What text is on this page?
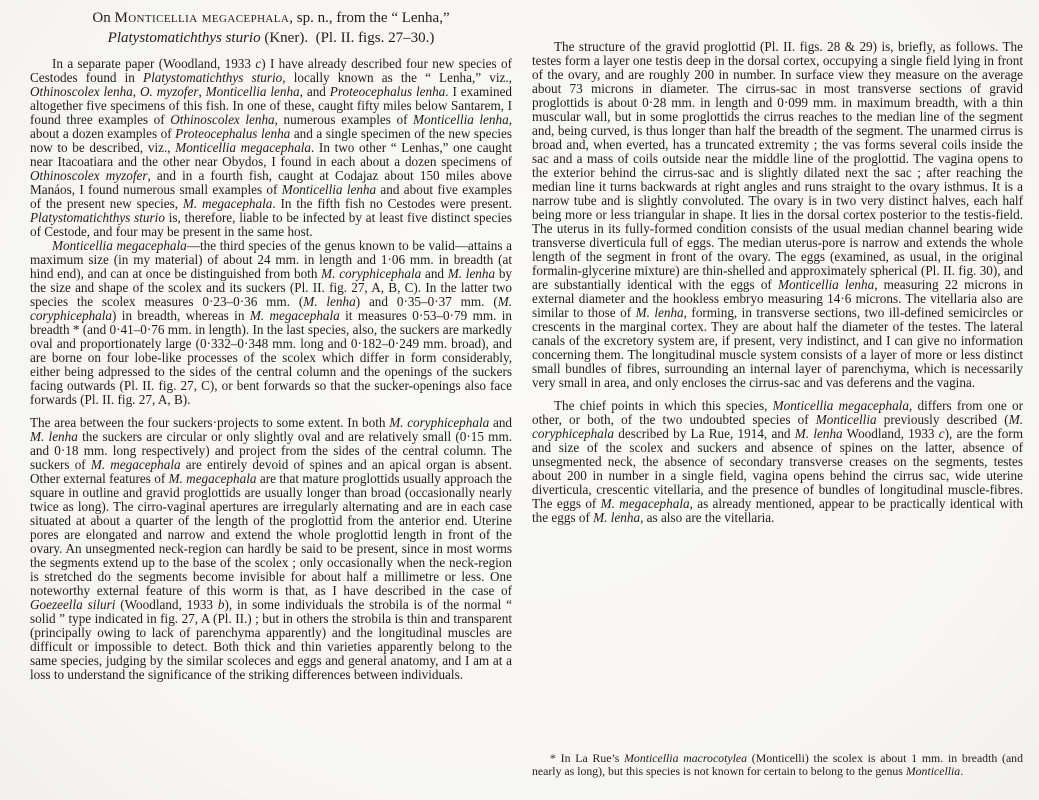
On Monticellia megacephala, sp. n., from the “ Lenha,” Platystomatichthys sturio (Kner). (Pl. II. figs. 27–30.)

In a separate paper (Woodland, 1933 c) I have already described four new species of Cestodes found in Platystomatichthys sturio, locally known as the “ Lenha,” viz., Othinoscolex lenha, O. myzofer, Monticellia lenha, and Proteocephalus lenha. I examined altogether five specimens of this fish. In one of these, caught fifty miles below Santarem, I found three examples of Othinoscolex lenha, numerous examples of Monticellia lenha, about a dozen examples of Proteocephalus lenha and a single specimen of the new species now to be described, viz., Monticellia megacephala. In two other “ Lenhas,” one caught near Itacoatiara and the other near Obydos, I found in each about a dozen specimens of Othinoscolex myzofer, and in a fourth fish, caught at Codajaz about 150 miles above Manáos, I found numerous small examples of Monticellia lenha and about five examples of the present new species, M. megacephala. In the fifth fish no Cestodes were present. Platystomatichthys sturio is, therefore, liable to be infected by at least five distinct species of Cestode, and four may be present in the same host.

Monticellia megacephala—the third species of the genus known to be valid—attains a maximum size (in my material) of about 24 mm. in length and 1·06 mm. in breadth (at hind end), and can at once be distinguished from both M. coryphicephala and M. lenha by the size and shape of the scolex and its suckers (Pl. II. fig. 27, A, B, C). In the latter two species the scolex measures 0·23–0·36 mm. (M. lenha) and 0·35–0·37 mm. (M. coryphicephala) in breadth, whereas in M. megacephala it measures 0·53–0·79 mm. in breadth * (and 0·41–0·76 mm. in length). In the last species, also, the suckers are markedly oval and proportionately large (0·332–0·348 mm. long and 0·182–0·249 mm. broad), and are borne on four lobe-like processes of the scolex which differ in form considerably, either being adpressed to the sides of the central column and the openings of the suckers facing outwards (Pl. II. fig. 27, C), or bent forwards so that the sucker-openings also face forwards (Pl. II. fig. 27, A, B).

The area between the four suckers·projects to some extent. In both M. coryphicephala and M. lenha the suckers are circular or only slightly oval and are relatively small (0·15 mm. and 0·18 mm. long respectively) and project from the sides of the central column. The suckers of M. megacephala are entirely devoid of spines and an apical organ is absent. Other external features of M. megacephala are that mature proglottids usually approach the square in outline and gravid proglottids are usually longer than broad (occasionally nearly twice as long). The cirro-vaginal apertures are irregularly alternating and are in each case situated at about a quarter of the length of the proglottid from the anterior end. Uterine pores are elongated and narrow and extend the whole proglottid length in front of the ovary. An unsegmented neck-region can hardly be said to be present, since in most worms the segments extend up to the base of the scolex ; only occasionally when the neck-region is stretched do the segments become invisible for about half a millimetre or less. One noteworthy external feature of this worm is that, as I have described in the case of Goezeella siluri (Woodland, 1933 b), in some individuals the strobila is of the normal “ solid ” type indicated in fig. 27, A (Pl. II.) ; but in others the strobila is thin and transparent (principally owing to lack of parenchyma apparently) and the longitudinal muscles are difficult or impossible to detect. Both thick and thin varieties apparently belong to the same species, judging by the similar scoleces and eggs and general anatomy, and I am at a loss to understand the significance of the striking differences between individuals.

The structure of the gravid proglottid (Pl. II. figs. 28 & 29) is, briefly, as follows. The testes form a layer one testis deep in the dorsal cortex, occupying a single field lying in front of the ovary, and are roughly 200 in number. In surface view they measure on the average about 73 microns in diameter. The cirrus-sac in most transverse sections of gravid proglottids is about 0·28 mm. in length and 0·099 mm. in maximum breadth, with a thin muscular wall, but in some proglottids the cirrus reaches to the median line of the segment and, being curved, is thus longer than half the breadth of the segment. The unarmed cirrus is broad and, when everted, has a truncated extremity ; the vas forms several coils inside the sac and a mass of coils outside near the middle line of the proglottid. The vagina opens to the exterior behind the cirrus-sac and is slightly dilated next the sac ; after reaching the median line it turns backwards at right angles and runs straight to the ovary isthmus. It is a narrow tube and is slightly convoluted. The ovary is in two very distinct halves, each half being more or less triangular in shape. It lies in the dorsal cortex posterior to the testis-field. The uterus in its fully-formed condition consists of the usual median channel bearing wide transverse diverticula full of eggs. The median uterus-pore is narrow and extends the whole length of the segment in front of the ovary. The eggs (examined, as usual, in the original formalin-glycerine mixture) are thin-shelled and approximately spherical (Pl. II. fig. 30), and are substantially identical with the eggs of Monticellia lenha, measuring 22 microns in external diameter and the hookless embryo measuring 14·6 microns. The vitellaria also are similar to those of M. lenha, forming, in transverse sections, two ill-defined semicircles or crescents in the marginal cortex. They are about half the diameter of the testes. The lateral canals of the excretory system are, if present, very indistinct, and I can give no information concerning them. The longitudinal muscle system consists of a layer of more or less distinct small bundles of fibres, surrounding an internal layer of parenchyma, which is necessarily very small in area, and only encloses the cirrus-sac and vas deferens and the vagina.

The chief points in which this species, Monticellia megacephala, differs from one or other, or both, of the two undoubted species of Monticellia previously described (M. coryphicephala described by La Rue, 1914, and M. lenha Woodland, 1933 c), are the form and size of the scolex and suckers and absence of spines on the latter, absence of unsegmented neck, the absence of secondary transverse creases on the segments, testes about 200 in number in a single field, vagina opens behind the cirrus sac, wide uterine diverticula, crescentic vitellaria, and the presence of bundles of longitudinal muscle-fibres. The eggs of M. megacephala, as already mentioned, appear to be practically identical with the eggs of M. lenha, as also are the vitellaria.

* In La Rue’s Monticellia macrocotylea (Monticelli) the scolex is about 1 mm. in breadth (and nearly as long), but this species is not known for certain to belong to the genus Monticellia.
